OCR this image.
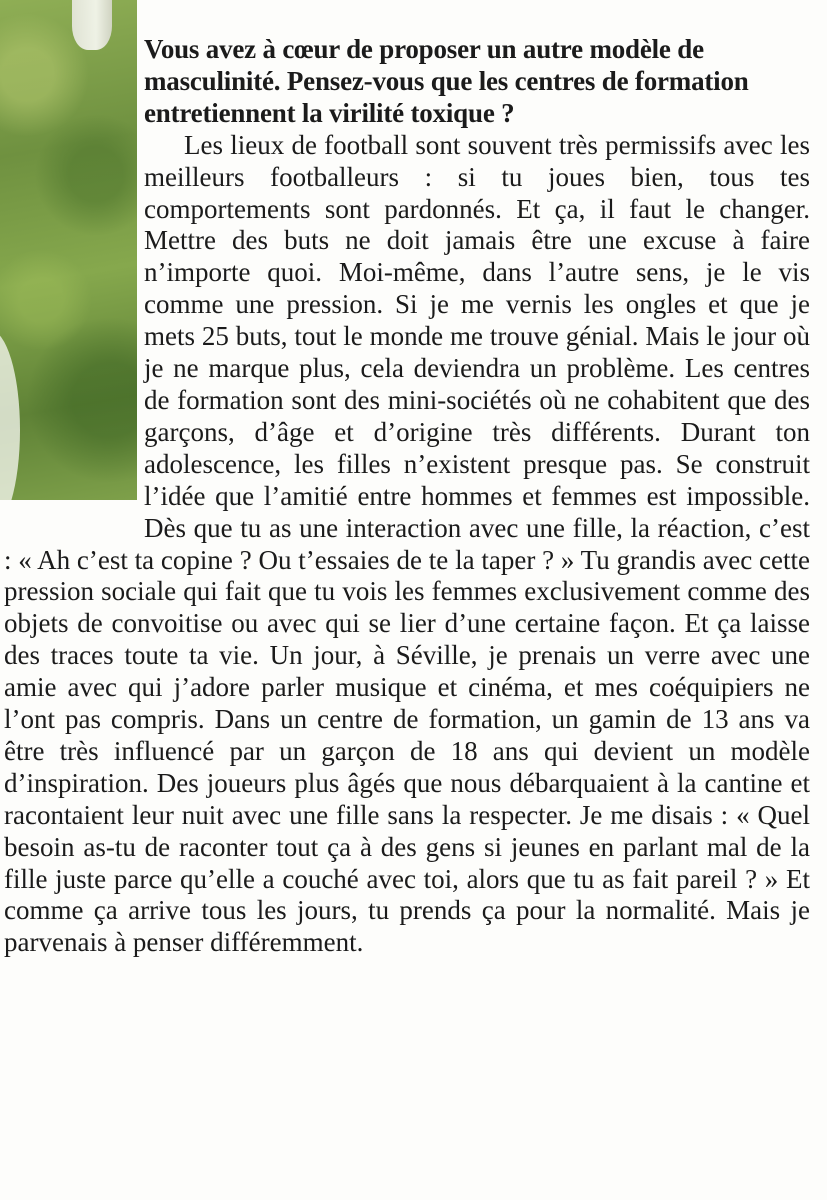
Vous avez à cœur de proposer un autre modèle de masculinité. Pensez-vous que les centres de formation entretiennent la virilité toxique ?

Les lieux de football sont souvent très permissifs avec les meilleurs footballeurs : si tu joues bien, tous tes comportements sont pardonnés. Et ça, il faut le changer. Mettre des buts ne doit jamais être une excuse à faire n’importe quoi. Moi-même, dans l’autre sens, je le vis comme une pression. Si je me vernis les ongles et que je mets 25 buts, tout le monde me trouve génial. Mais le jour où je ne marque plus, cela deviendra un problème. Les centres de formation sont des mini-sociétés où ne cohabitent que des garçons, d’âge et d’origine très différents. Durant ton adolescence, les filles n’existent presque pas. Se construit l’idée que l’amitié entre hommes et femmes est impossible. Dès que tu as une interaction avec une fille, la réaction, c’est : « Ah c’est ta copine ? Ou t’essaies de te la taper ? » Tu grandis avec cette pression sociale qui fait que tu vois les femmes exclusivement comme des objets de convoitise ou avec qui se lier d’une certaine façon. Et ça laisse des traces toute ta vie. Un jour, à Séville, je prenais un verre avec une amie avec qui j’adore parler musique et cinéma, et mes coéquipiers ne l’ont pas compris. Dans un centre de formation, un gamin de 13 ans va être très influencé par un garçon de 18 ans qui devient un modèle d’inspiration. Des joueurs plus âgés que nous débarquaient à la cantine et racontaient leur nuit avec une fille sans la respecter. Je me disais : « Quel besoin as-tu de raconter tout ça à des gens si jeunes en parlant mal de la fille juste parce qu’elle a couché avec toi, alors que tu as fait pareil ? » Et comme ça arrive tous les jours, tu prends ça pour la normalité. Mais je parvenais à penser différemment.
